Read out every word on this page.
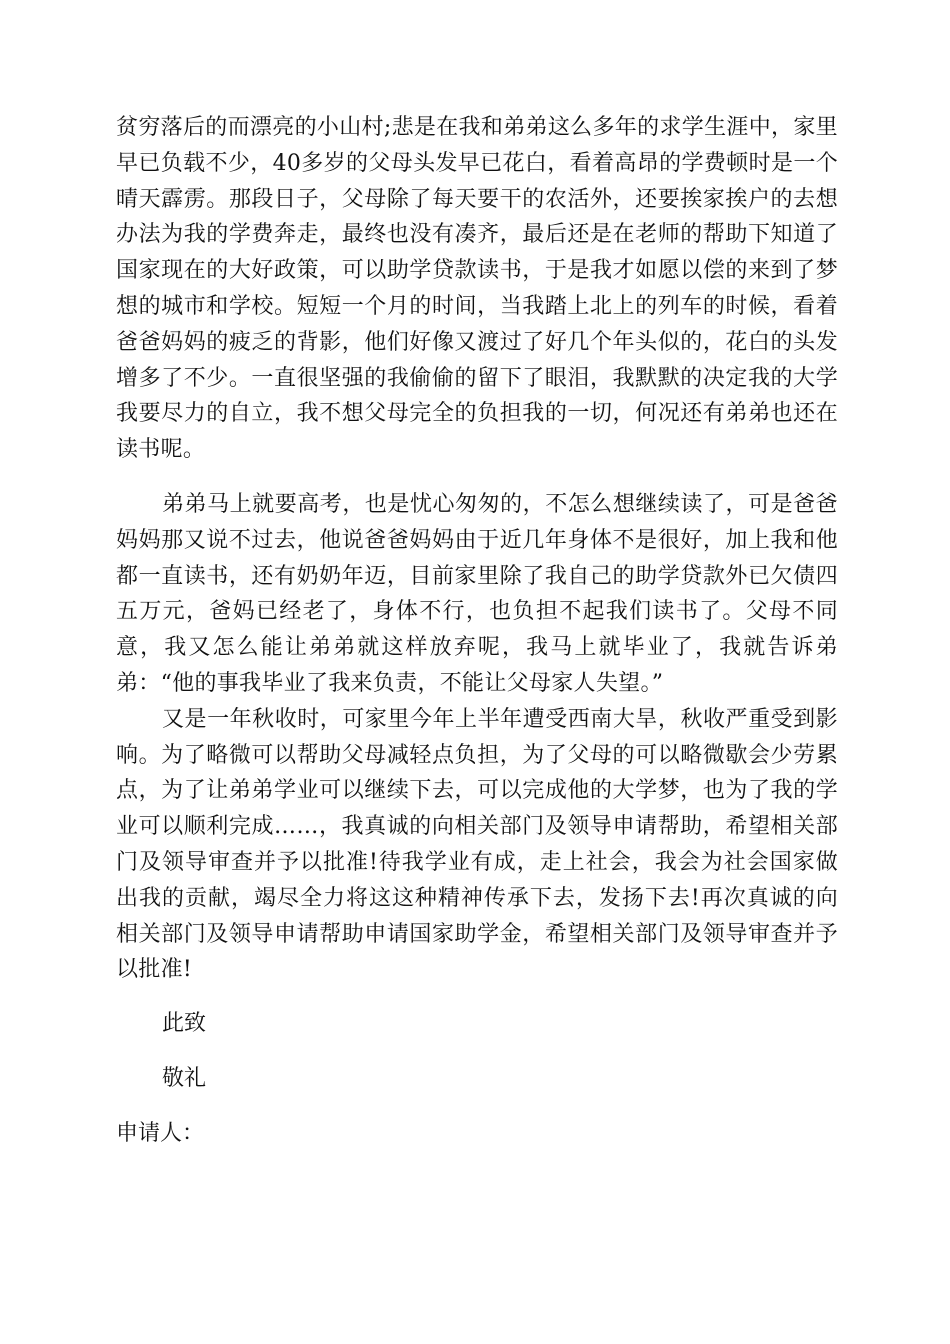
贫穷落后的而漂亮的小山村;悲是在我和弟弟这么多年的求学生涯中，家里早已负载不少，40多岁的父母头发早已花白，看着高昂的学费顿时是一个晴天霹雳。那段日子，父母除了每天要干的农活外，还要挨家挨户的去想办法为我的学费奔走，最终也没有凑齐，最后还是在老师的帮助下知道了国家现在的大好政策，可以助学贷款读书，于是我才如愿以偿的来到了梦想的城市和学校。短短一个月的时间，当我踏上北上的列车的时候，看着爸爸妈妈的疲乏的背影，他们好像又渡过了好几个年头似的，花白的头发增多了不少。一直很坚强的我偷偷的留下了眼泪，我默默的决定我的大学我要尽力的自立，我不想父母完全的负担我的一切，何况还有弟弟也还在读书呢。

弟弟马上就要高考，也是忧心匆匆的，不怎么想继续读了，可是爸爸妈妈那又说不过去，他说爸爸妈妈由于近几年身体不是很好，加上我和他都一直读书，还有奶奶年迈，目前家里除了我自己的助学贷款外已欠债四五万元，爸妈已经老了，身体不行，也负担不起我们读书了。父母不同意，我又怎么能让弟弟就这样放弃呢，我马上就毕业了，我就告诉弟弟：“他的事我毕业了我来负责，不能让父母家人失望。”

又是一年秋收时，可家里今年上半年遭受西南大旱，秋收严重受到影响。为了略微可以帮助父母减轻点负担，为了父母的可以略微歇会少劳累点，为了让弟弟学业可以继续下去，可以完成他的大学梦，也为了我的学业可以顺利完成……，我真诚的向相关部门及领导申请帮助，希望相关部门及领导审查并予以批准!待我学业有成，走上社会，我会为社会国家做出我的贡献，竭尽全力将这这种精神传承下去，发扬下去!再次真诚的向相关部门及领导申请帮助申请国家助学金，希望相关部门及领导审查并予以批准!

此致

敬礼

申请人：
